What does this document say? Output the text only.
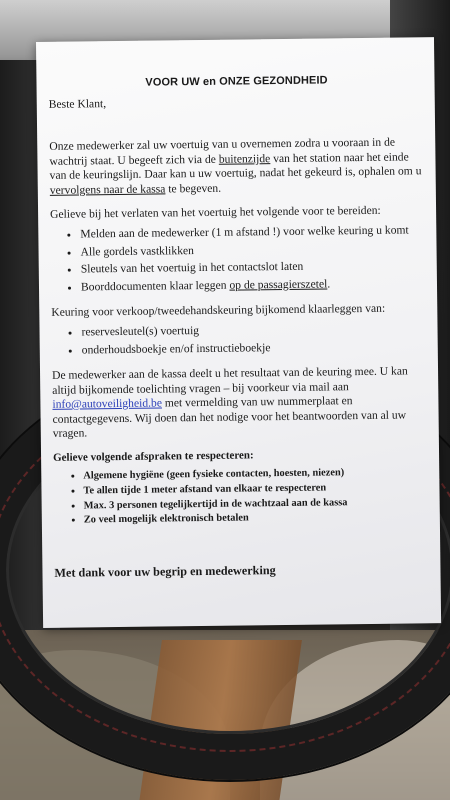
VOOR UW en ONZE GEZONDHEID

Beste Klant,

Onze medewerker zal uw voertuig van u overnemen zodra u vooraan in de wachtrij staat. U begeeft zich via de buitenzijde van het station naar het einde van de keuringslijn. Daar kan u uw voertuig, nadat het gekeurd is, ophalen om u vervolgens naar de kassa te begeven.

Gelieve bij het verlaten van het voertuig het volgende voor te bereiden:

• Melden aan de medewerker (1 m afstand !) voor welke keuring u komt
• Alle gordels vastklikken
• Sleutels van het voertuig in het contactslot laten
• Boorddocumenten klaar leggen op de passagierszetel.

Keuring voor verkoop/tweedehandskeuring bijkomend klaarleggen van:

• reservesleutel(s) voertuig
• onderhoudsboekje en/of instructieboekje

De medewerker aan de kassa deelt u het resultaat van de keuring mee. U kan altijd bijkomende toelichting vragen – bij voorkeur via mail aan info@autoveiligheid.be met vermelding van uw nummerplaat en contactgegevens. Wij doen dan het nodige voor het beantwoorden van al uw vragen.

Gelieve volgende afspraken te respecteren:

• Algemene hygiëne (geen fysieke contacten, hoesten, niezen)
• Te allen tijde 1 meter afstand van elkaar te respecteren
• Max. 3 personen tegelijkertijd in de wachtzaal aan de kassa
• Zo veel mogelijk elektronisch betalen

Met dank voor uw begrip en medewerking
